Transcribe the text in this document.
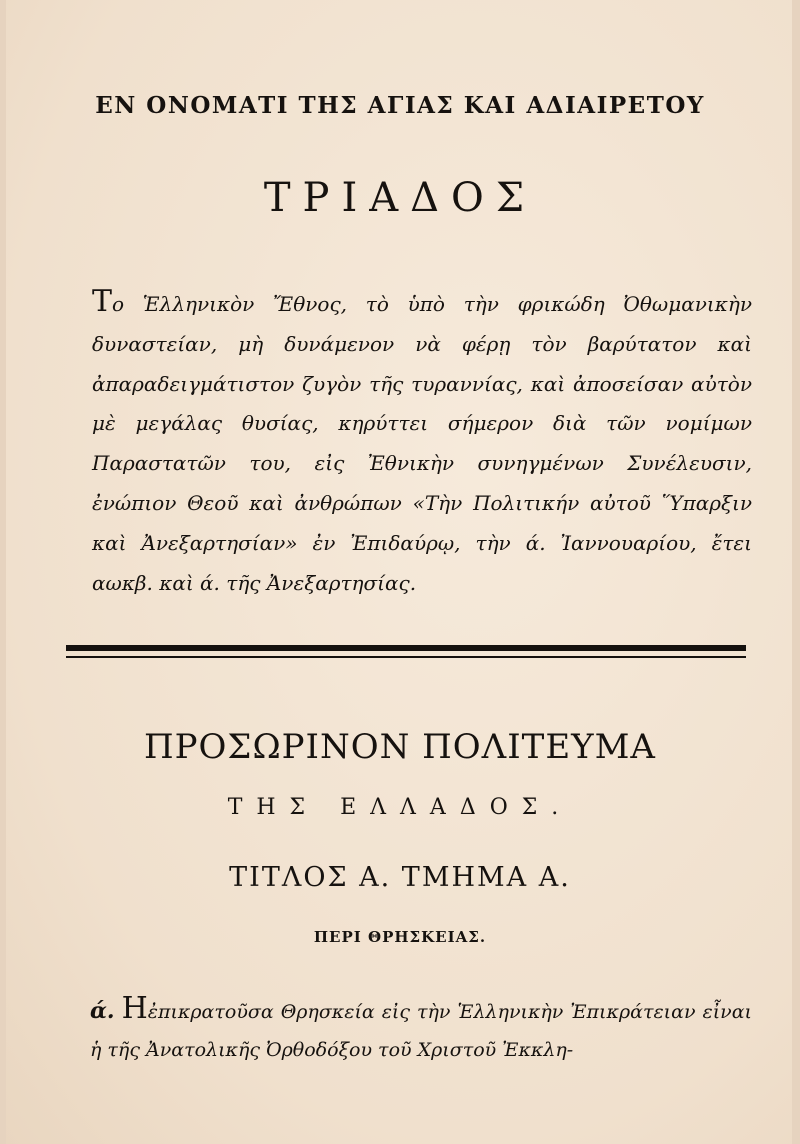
ΕΝ ΟΝΟΜΑΤΙ ΤΗΣ ΑΓΙΑΣ ΚΑΙ ΑΔΙΑΙΡΕΤΟΥ
ΤΡΙΑΔΟΣ
Το Ἑλληνικὸν Ἔθνος, τὸ ὑπὸ τὴν φρικώδη Ὀθωμανικὴν δυναστείαν, μὴ δυνάμενον νὰ φέρῃ τὸν βαρύτατον καὶ ἀπαραδειγμάτιστον ζυγὸν τῆς τυραννίας, καὶ ἀποσείσαν αὐτὸν μὲ μεγάλας θυσίας, κηρύττει σήμερον διὰ τῶν νομίμων Παραστατῶν του, εἰς Ἐθνικὴν συνηγμένων Συνέλευσιν, ἐνώπιον Θεοῦ καὶ ἀνθρώπων «Τὴν Πολιτικήν αὐτοῦ Ὕπαρξιν καὶ Ἀνεξαρτησίαν» ἐν Ἐπιδαύρῳ, τὴν ά. Ἰαννουαρίου, ἔτει αωκβ. καὶ ά. τῆς Ἀνεξαρτησίας.
ΠΡΟΣΩΡΙΝΟΝ ΠΟΛΙΤΕΥΜΑ
ΤΗΣ ΕΛΛΑΔΟΣ.
ΤΙΤΛΟΣ Α. ΤΜΗΜΑ Α.
ΠΕΡΙ ΘΡΗΣΚΕΙΑΣ.
ά. Ηἐπικρατοῦσα Θρησκεία εἰς τὴν Ἑλληνικὴν Ἐπικράτειαν εἶναι ἡ τῆς Ἀνατολικῆς Ὀρθοδόξου τοῦ Χριστοῦ Ἐκκλη-
